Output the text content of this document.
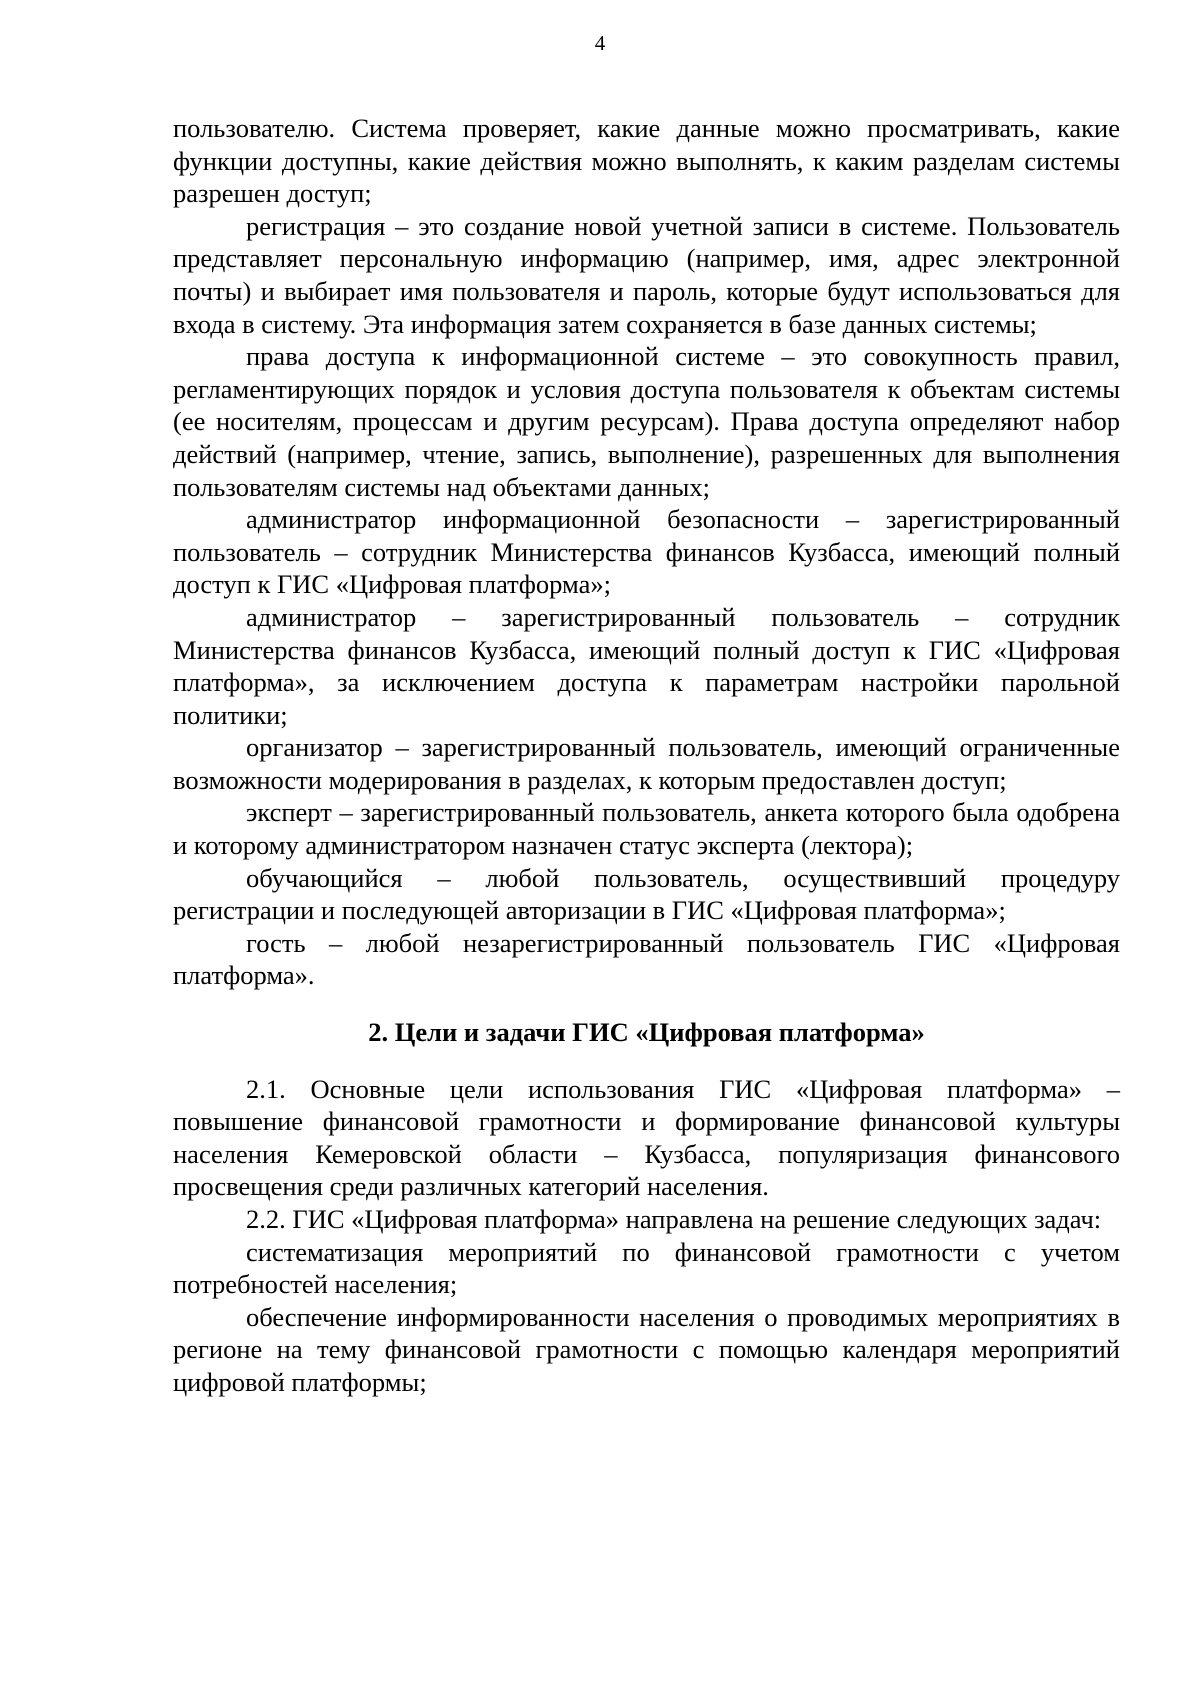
4

пользователю. Система проверяет, какие данные можно просматривать, какие функции доступны, какие действия можно выполнять, к каким разделам системы разрешен доступ;

регистрация – это создание новой учетной записи в системе. Пользователь представляет персональную информацию (например, имя, адрес электронной почты) и выбирает имя пользователя и пароль, которые будут использоваться для входа в систему. Эта информация затем сохраняется в базе данных системы;

права доступа к информационной системе – это совокупность правил, регламентирующих порядок и условия доступа пользователя к объектам системы (ее носителям, процессам и другим ресурсам). Права доступа определяют набор действий (например, чтение, запись, выполнение), разрешенных для выполнения пользователям системы над объектами данных;

администратор информационной безопасности – зарегистрированный пользователь – сотрудник Министерства финансов Кузбасса, имеющий полный доступ к ГИС «Цифровая платформа»;

администратор – зарегистрированный пользователь – сотрудник Министерства финансов Кузбасса, имеющий полный доступ к ГИС «Цифровая платформа», за исключением доступа к параметрам настройки парольной политики;

организатор – зарегистрированный пользователь, имеющий ограниченные возможности модерирования в разделах, к которым предоставлен доступ;

эксперт – зарегистрированный пользователь, анкета которого была одобрена и которому администратором назначен статус эксперта (лектора);

обучающийся – любой пользователь, осуществивший процедуру регистрации и последующей авторизации в ГИС «Цифровая платформа»;

гость – любой незарегистрированный пользователь ГИС «Цифровая платформа».

2. Цели и задачи ГИС «Цифровая платформа»

2.1. Основные цели использования ГИС «Цифровая платформа» – повышение финансовой грамотности и формирование финансовой культуры населения Кемеровской области – Кузбасса, популяризация финансового просвещения среди различных категорий населения.

2.2. ГИС «Цифровая платформа» направлена на решение следующих задач:

систематизация мероприятий по финансовой грамотности с учетом потребностей населения;

обеспечение информированности населения о проводимых мероприятиях в регионе на тему финансовой грамотности с помощью календаря мероприятий цифровой платформы;
